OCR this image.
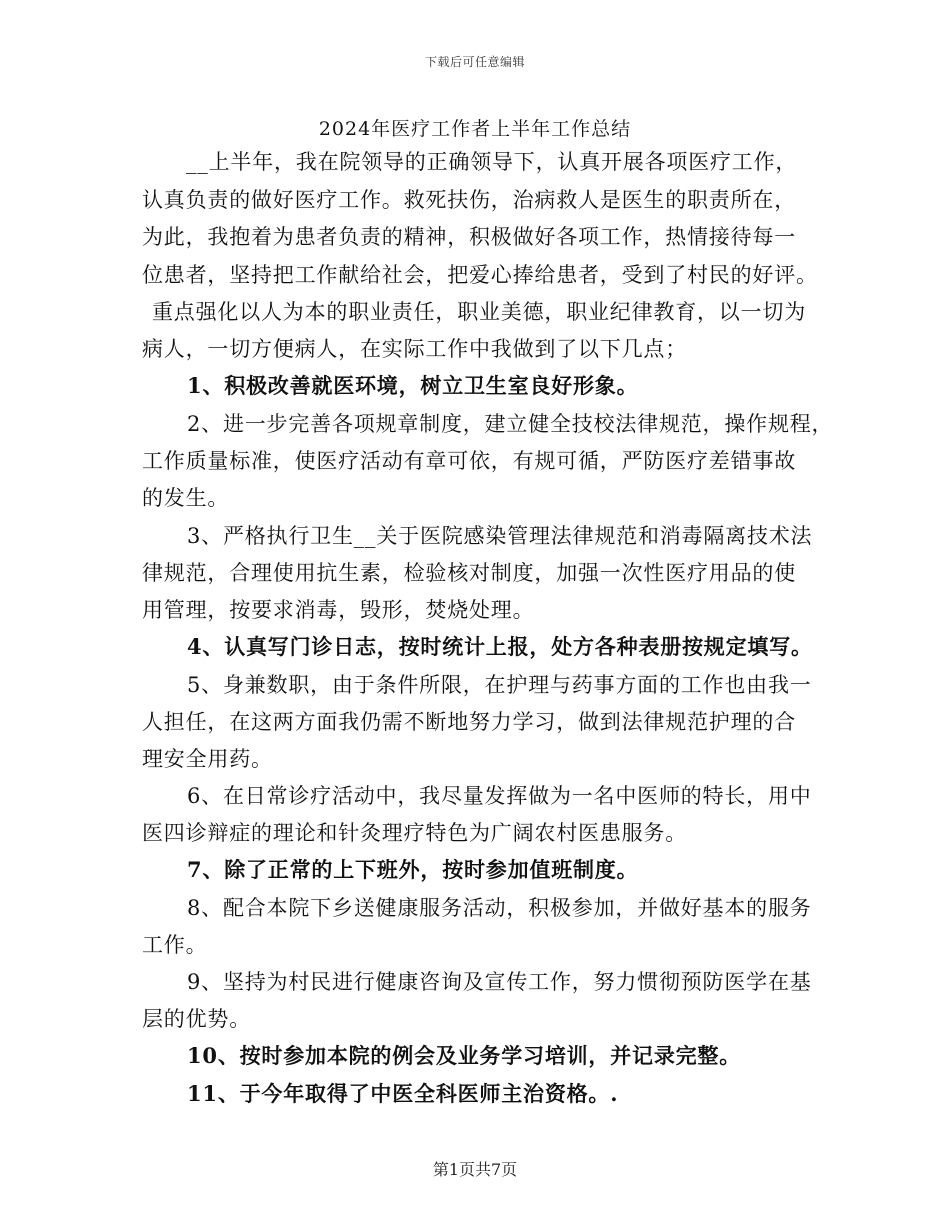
下载后可任意编辑
2024年医疗工作者上半年工作总结
__上半年，我在院领导的正确领导下，认真开展各项医疗工作，
认真负责的做好医疗工作。救死扶伤，治病救人是医生的职责所在，
为此，我抱着为患者负责的精神，积极做好各项工作，热情接待每一
位患者，坚持把工作献给社会，把爱心捧给患者，受到了村民的好评。
重点强化以人为本的职业责任，职业美德，职业纪律教育，以一切为
病人，一切方便病人，在实际工作中我做到了以下几点；
1、积极改善就医环境，树立卫生室良好形象。
2、进一步完善各项规章制度，建立健全技校法律规范，操作规程，
工作质量标准，使医疗活动有章可依，有规可循，严防医疗差错事故
的发生。
3、严格执行卫生__关于医院感染管理法律规范和消毒隔离技术法
律规范，合理使用抗生素，检验核对制度，加强一次性医疗用品的使
用管理，按要求消毒，毁形，焚烧处理。
4、认真写门诊日志，按时统计上报，处方各种表册按规定填写。
5、身兼数职，由于条件所限，在护理与药事方面的工作也由我一
人担任，在这两方面我仍需不断地努力学习，做到法律规范护理的合
理安全用药。
6、在日常诊疗活动中，我尽量发挥做为一名中医师的特长，用中
医四诊辩症的理论和针灸理疗特色为广阔农村医患服务。
7、除了正常的上下班外，按时参加值班制度。
8、配合本院下乡送健康服务活动，积极参加，并做好基本的服务
工作。
9、坚持为村民进行健康咨询及宣传工作，努力惯彻预防医学在基
层的优势。
10、按时参加本院的例会及业务学习培训，并记录完整。
11、于今年取得了中医全科医师主治资格。.
第1页共7页
